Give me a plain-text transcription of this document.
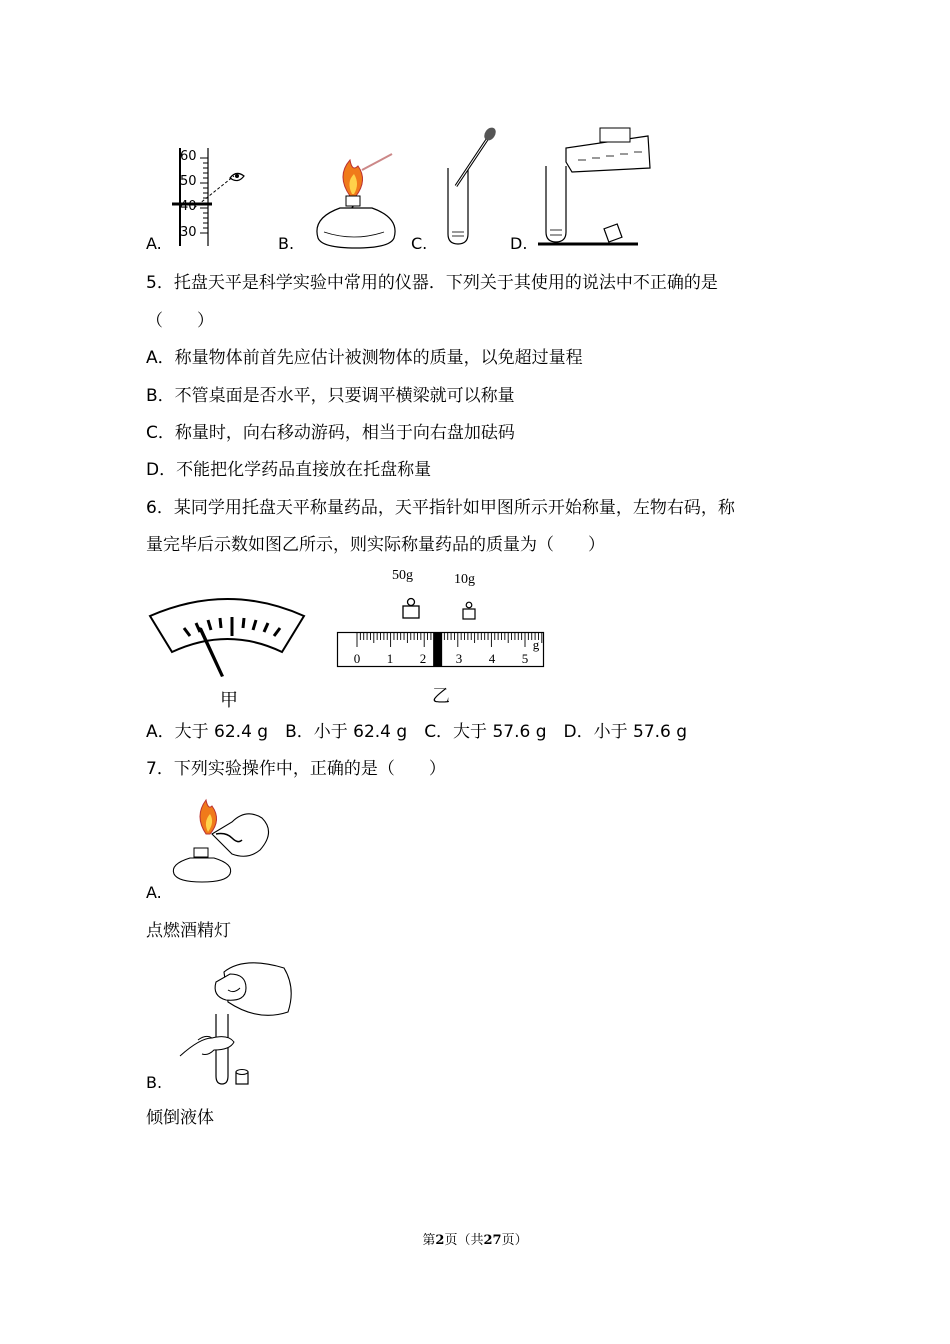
60
50
40
30
A.	B.	C.	D.
5．托盘天平是科学实验中常用的仪器．下列关于其使用的说法中不正确的是
（　　）
A．称量物体前首先应估计被测物体的质量，以免超过量程
B．不管桌面是否水平，只要调平横梁就可以称量
C．称量时，向右移动游码，相当于向右盘加砝码
D．不能把化学药品直接放在托盘称量
6．某同学用托盘天平称量药品，天平指针如甲图所示开始称量，左物右码，称
量完毕后示数如图乙所示，则实际称量药品的质量为（　　）
甲
50g	10g
0 1 2 3 4 5
g
乙
A．大于 62.4 g　B．小于 62.4 g　C．大于 57.6 g　D．小于 57.6 g
7．下列实验操作中，正确的是（　　）
A.
点燃酒精灯
B.
倾倒液体
第2页（共27页）
